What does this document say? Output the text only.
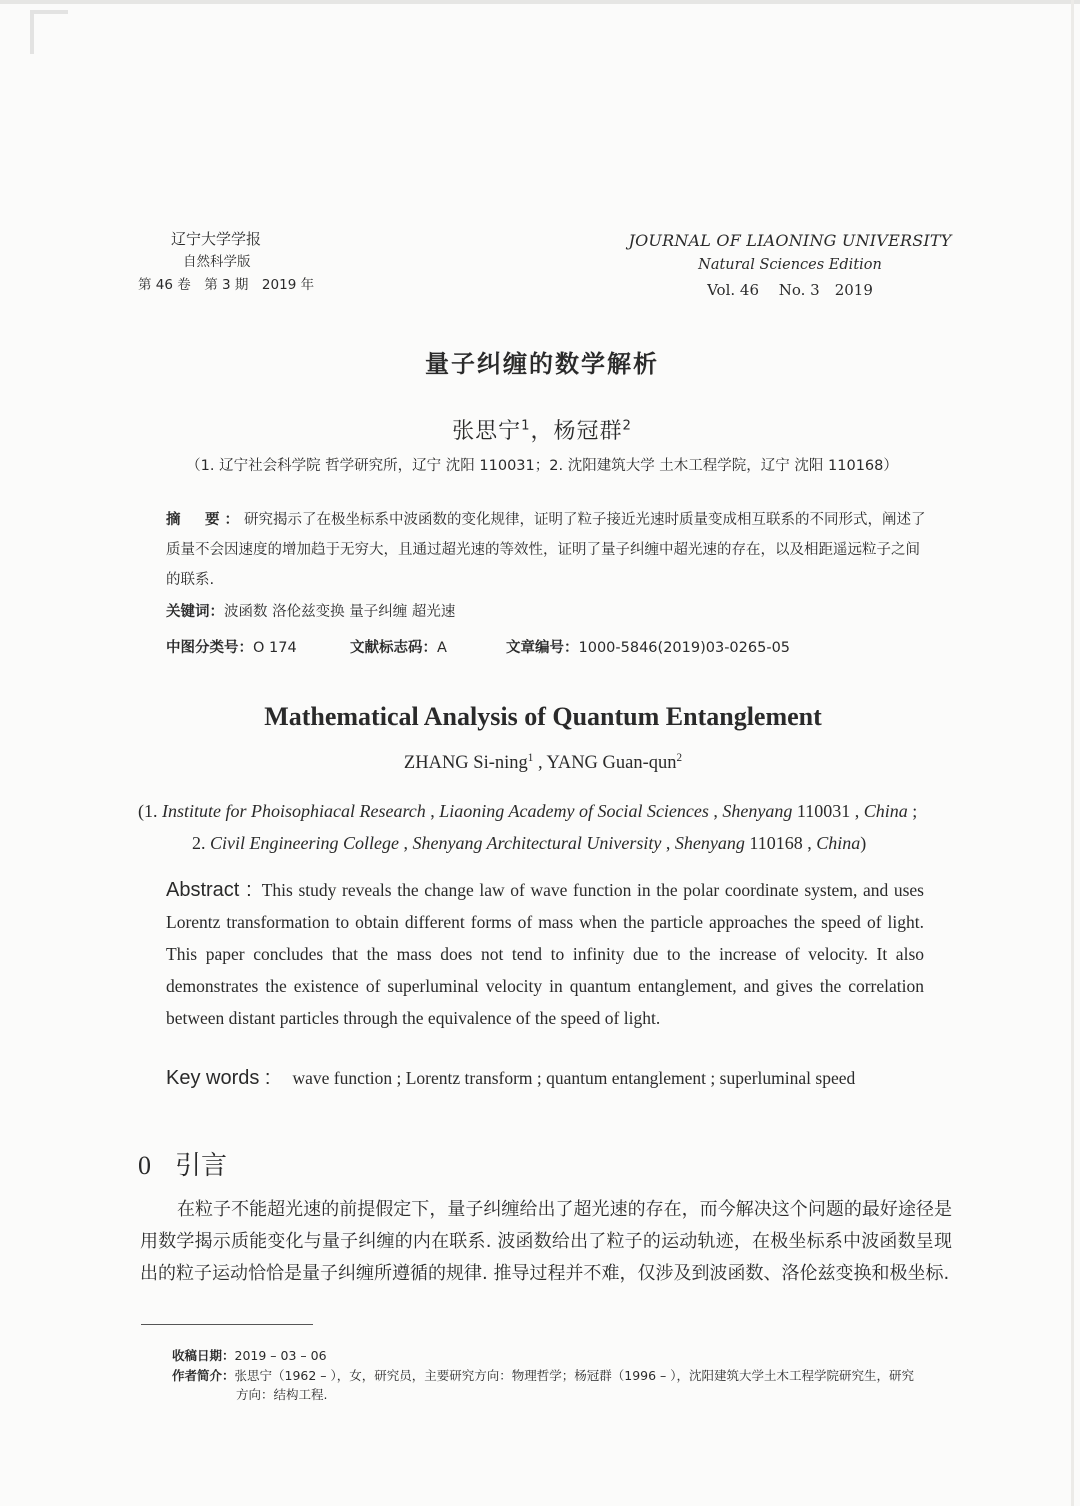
辽宁大学学报
自然科学版
第 46 卷　第 3 期　2019 年
JOURNAL OF LIAONING UNIVERSITY
Natural Sciences Edition
Vol. 46　 No. 3　2019
量子纠缠的数学解析
张思宁$^1$，杨冠群$^2$
（1. 辽宁社会科学院 哲学研究所，辽宁 沈阳 110031；2. 沈阳建筑大学 土木工程学院，辽宁 沈阳 110168）
摘　要：研究揭示了在极坐标系中波函数的变化规律，证明了粒子接近光速时质量变成相互联系的不同形式，阐述了质量不会因速度的增加趋于无穷大，且通过超光速的等效性，证明了量子纠缠中超光速的存在，以及相距遥远粒子之间的联系.
关键词：波函数 洛伦兹变换 量子纠缠 超光速
中图分类号：O 174	文献标志码：A	文章编号：1000-5846(2019)03-0265-05
Mathematical Analysis of Quantum Entanglement
ZHANG Si-ning$^1$ , YANG Guan-qun$^2$
(1. Institute for Phoisophiacal Research , Liaoning Academy of Social Sciences , Shenyang 110031 , China ;
2. Civil Engineering College , Shenyang Architectural University , Shenyang 110168 , China)
Abstract : This study reveals the change law of wave function in the polar coordinate system, and uses Lorentz transformation to obtain different forms of mass when the particle approaches the speed of light. This paper concludes that the mass does not tend to infinity due to the increase of velocity. It also demonstrates the existence of superluminal velocity in quantum entanglement, and gives the correlation between distant particles through the equivalence of the speed of light.
Key words : wave function ; Lorentz transform ; quantum entanglement ; superluminal speed
0 引言
在粒子不能超光速的前提假定下，量子纠缠给出了超光速的存在，而今解决这个问题的最好途径是用数学揭示质能变化与量子纠缠的内在联系. 波函数给出了粒子的运动轨迹，在极坐标系中波函数呈现出的粒子运动恰恰是量子纠缠所遵循的规律. 推导过程并不难，仅涉及到波函数、洛伦兹变换和极坐标.
收稿日期：2019 – 03 – 06
作者简介：张思宁（1962 – ），女，研究员，主要研究方向：物理哲学；杨冠群（1996 – ），沈阳建筑大学土木工程学院研究生，研究
方向：结构工程.
